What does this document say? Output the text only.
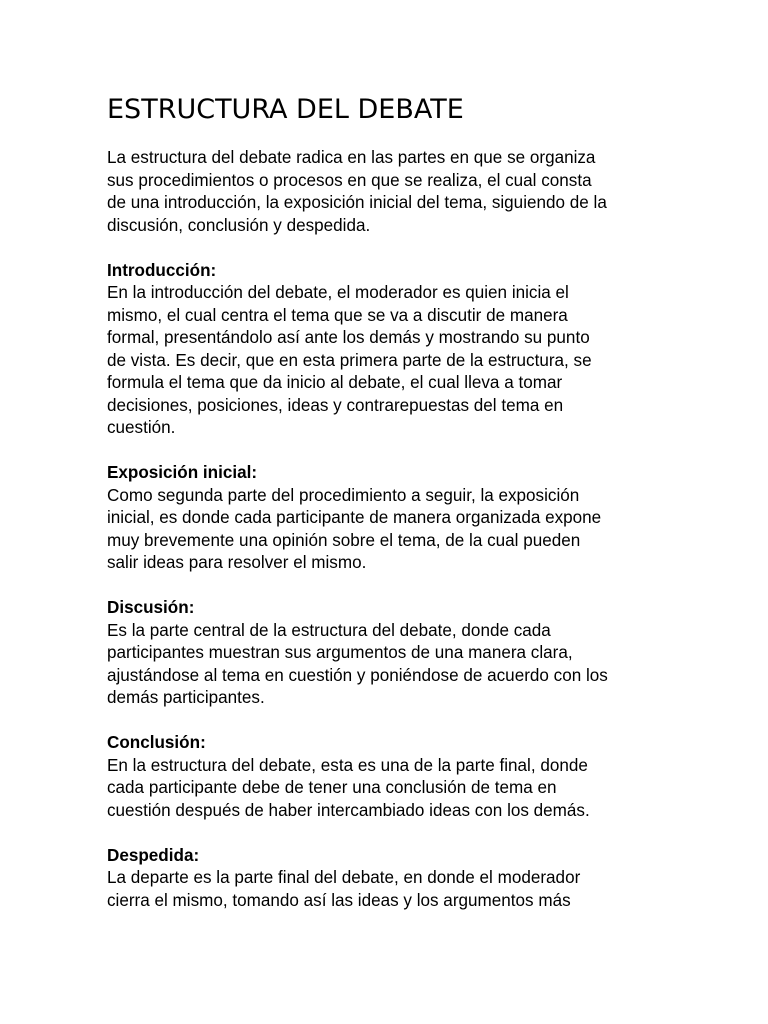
ESTRUCTURA DEL DEBATE

La estructura del debate radica en las partes en que se organiza
sus procedimientos o procesos en que se realiza, el cual consta
de una introducción, la exposición inicial del tema, siguiendo de la
discusión, conclusión y despedida.

Introducción:
En la introducción del debate, el moderador es quien inicia el
mismo, el cual centra el tema que se va a discutir de manera
formal, presentándolo así ante los demás y mostrando su punto
de vista. Es decir, que en esta primera parte de la estructura, se
formula el tema que da inicio al debate, el cual lleva a tomar
decisiones, posiciones, ideas y contrarepuestas del tema en
cuestión.
Exposición inicial:
Como segunda parte del procedimiento a seguir, la exposición
inicial, es donde cada participante de manera organizada expone
muy brevemente una opinión sobre el tema, de la cual pueden
salir ideas para resolver el mismo.
Discusión:
Es la parte central de la estructura del debate, donde cada
participantes muestran sus argumentos de una manera clara,
ajustándose al tema en cuestión y poniéndose de acuerdo con los
demás participantes.
Conclusión:
En la estructura del debate, esta es una de la parte final, donde
cada participante debe de tener una conclusión de tema en
cuestión después de haber intercambiado ideas con los demás.
Despedida:
La departe es la parte final del debate, en donde el moderador
cierra el mismo, tomando así las ideas y los argumentos más
